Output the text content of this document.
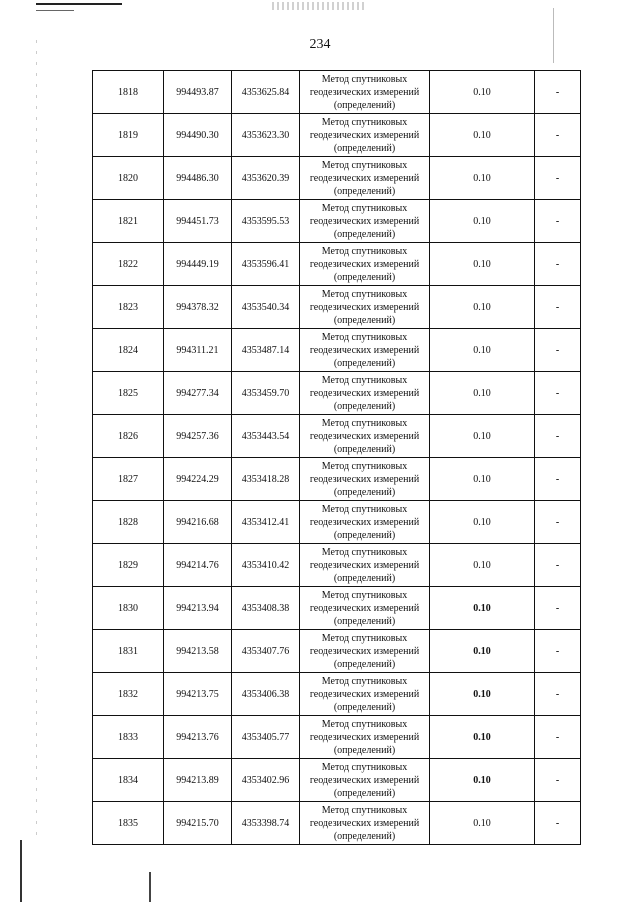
234
1818	994493.87	4353625.84	Метод спутниковых
геодезических измерений
(определений)	0.10	-
1819	994490.30	4353623.30	Метод спутниковых
геодезических измерений
(определений)	0.10	-
1820	994486.30	4353620.39	Метод спутниковых
геодезических измерений
(определений)	0.10	-
1821	994451.73	4353595.53	Метод спутниковых
геодезических измерений
(определений)	0.10	-
1822	994449.19	4353596.41	Метод спутниковых
геодезических измерений
(определений)	0.10	-
1823	994378.32	4353540.34	Метод спутниковых
геодезических измерений
(определений)	0.10	-
1824	994311.21	4353487.14	Метод спутниковых
геодезических измерений
(определений)	0.10	-
1825	994277.34	4353459.70	Метод спутниковых
геодезических измерений
(определений)	0.10	-
1826	994257.36	4353443.54	Метод спутниковых
геодезических измерений
(определений)	0.10	-
1827	994224.29	4353418.28	Метод спутниковых
геодезических измерений
(определений)	0.10	-
1828	994216.68	4353412.41	Метод спутниковых
геодезических измерений
(определений)	0.10	-
1829	994214.76	4353410.42	Метод спутниковых
геодезических измерений
(определений)	0.10	-
1830	994213.94	4353408.38	Метод спутниковых
геодезических измерений
(определений)	0.10	-
1831	994213.58	4353407.76	Метод спутниковых
геодезических измерений
(определений)	0.10	-
1832	994213.75	4353406.38	Метод спутниковых
геодезических измерений
(определений)	0.10	-
1833	994213.76	4353405.77	Метод спутниковых
геодезических измерений
(определений)	0.10	-
1834	994213.89	4353402.96	Метод спутниковых
геодезических измерений
(определений)	0.10	-
1835	994215.70	4353398.74	Метод спутниковых
геодезических измерений
(определений)	0.10	-
